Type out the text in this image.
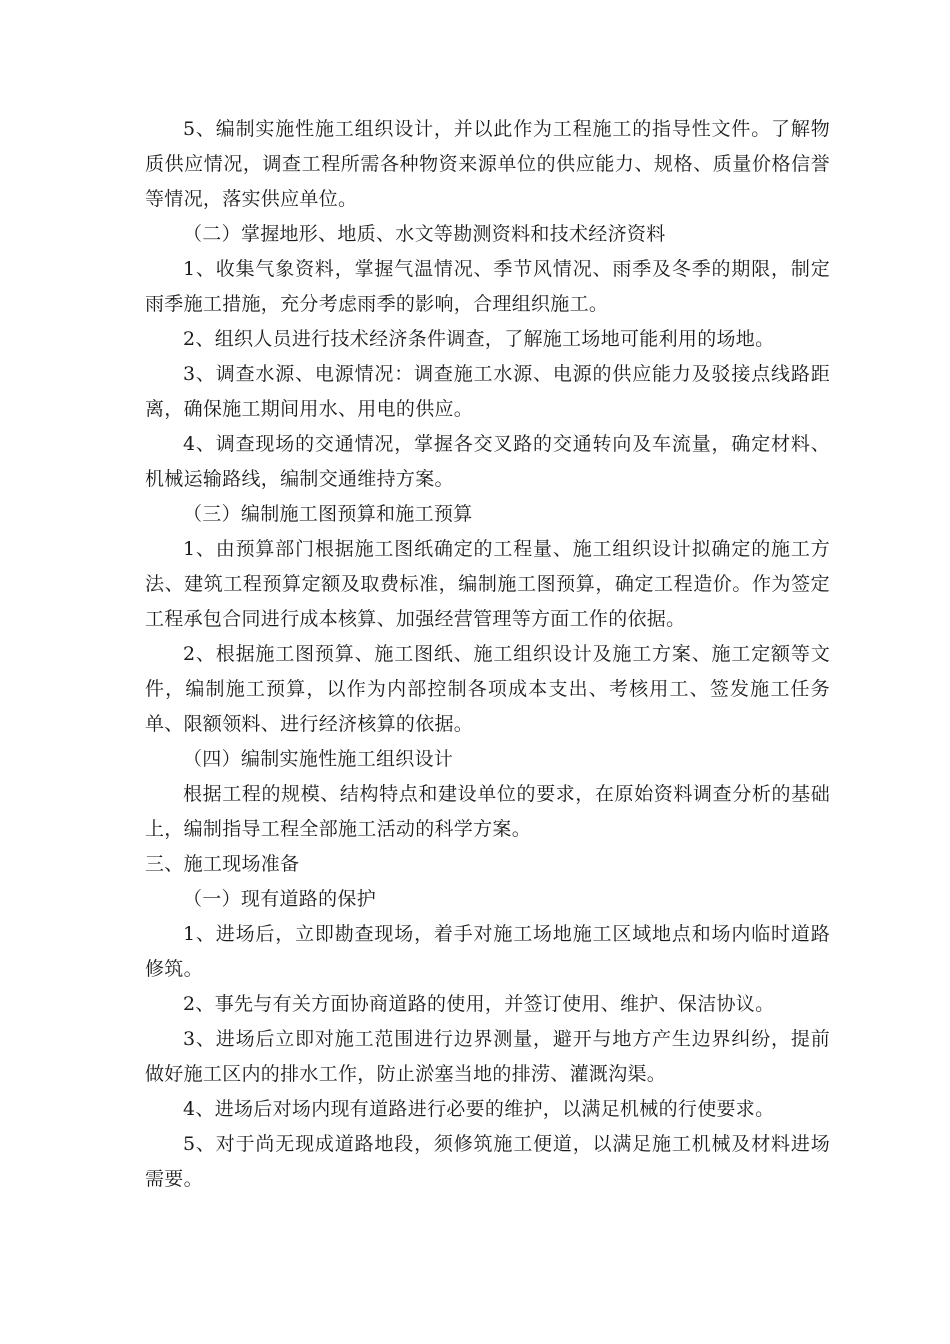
5、编制实施性施工组织设计，并以此作为工程施工的指导性文件。了解物质供应情况，调查工程所需各种物资来源单位的供应能力、规格、质量价格信誉等情况，落实供应单位。

（二）掌握地形、地质、水文等勘测资料和技术经济资料

1、收集气象资料，掌握气温情况、季节风情况、雨季及冬季的期限，制定雨季施工措施，充分考虑雨季的影响，合理组织施工。

2、组织人员进行技术经济条件调查，了解施工场地可能利用的场地。

3、调查水源、电源情况：调查施工水源、电源的供应能力及驳接点线路距离，确保施工期间用水、用电的供应。

4、调查现场的交通情况，掌握各交叉路的交通转向及车流量，确定材料、机械运输路线，编制交通维持方案。

（三）编制施工图预算和施工预算

1、由预算部门根据施工图纸确定的工程量、施工组织设计拟确定的施工方法、建筑工程预算定额及取费标准，编制施工图预算，确定工程造价。作为签定工程承包合同进行成本核算、加强经营管理等方面工作的依据。

2、根据施工图预算、施工图纸、施工组织设计及施工方案、施工定额等文件，编制施工预算，以作为内部控制各项成本支出、考核用工、签发施工任务单、限额领料、进行经济核算的依据。

（四）编制实施性施工组织设计

根据工程的规模、结构特点和建设单位的要求，在原始资料调查分析的基础上，编制指导工程全部施工活动的科学方案。

三、施工现场准备

（一）现有道路的保护

1、进场后，立即勘查现场，着手对施工场地施工区域地点和场内临时道路修筑。

2、事先与有关方面协商道路的使用，并签订使用、维护、保洁协议。

3、进场后立即对施工范围进行边界测量，避开与地方产生边界纠纷，提前做好施工区内的排水工作，防止淤塞当地的排涝、灌溉沟渠。

4、进场后对场内现有道路进行必要的维护，以满足机械的行使要求。

5、对于尚无现成道路地段，须修筑施工便道，以满足施工机械及材料进场需要。
